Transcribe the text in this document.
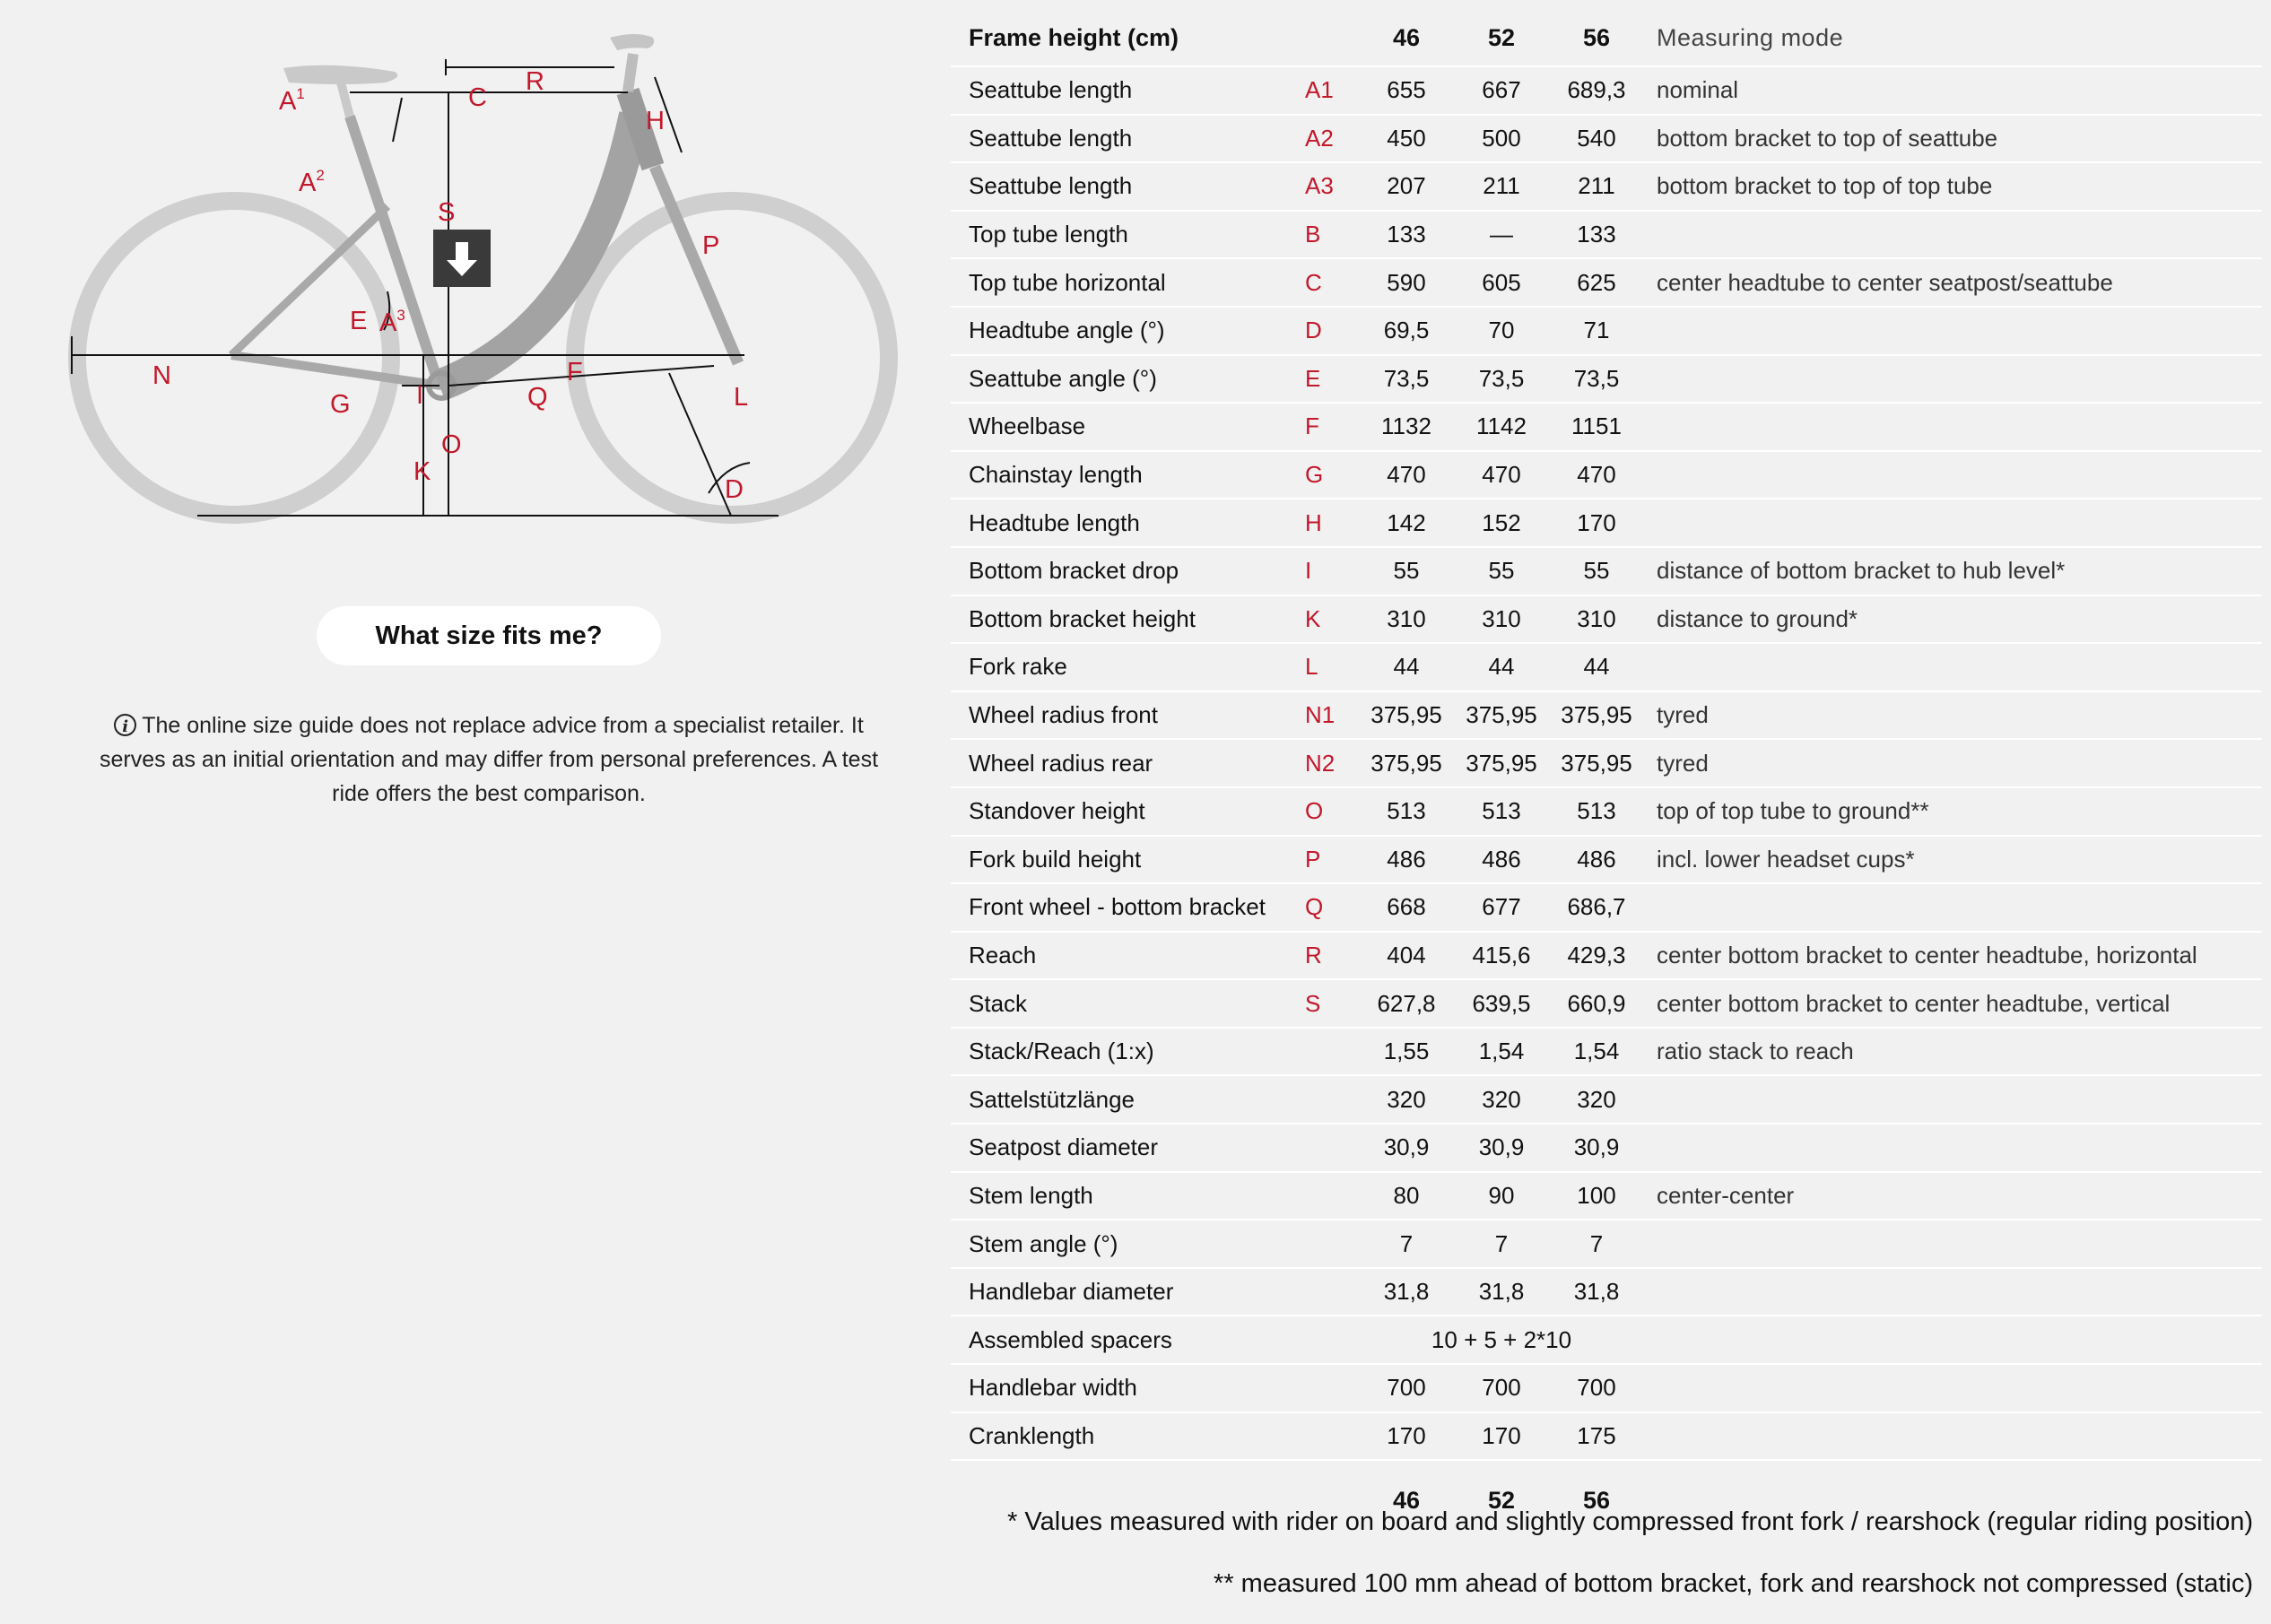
$A^1$
$A^2$
$A^3$
C
R
H
S
P
E
N	F
G	I	Q	L
O
K
D
What size fits me?
i The online size guide does not replace advice from a specialist retailer. It serves as an initial orientation and may differ from personal preferences. A test ride offers the best comparison.
Frame height (cm)		46	52	56	Measuring mode
Seattube length	A1	655	667	689,3	nominal
Seattube length	A2	450	500	540	bottom bracket to top of seattube
Seattube length	A3	207	211	211	bottom bracket to top of top tube
Top tube length	B	133	—	133	
Top tube horizontal	C	590	605	625	center headtube to center seatpost/seattube
Headtube angle (°)	D	69,5	70	71	
Seattube angle (°)	E	73,5	73,5	73,5	
Wheelbase	F	1132	1142	1151	
Chainstay length	G	470	470	470	
Headtube length	H	142	152	170	
Bottom bracket drop	I	55	55	55	distance of bottom bracket to hub level*
Bottom bracket height	K	310	310	310	distance to ground*
Fork rake	L	44	44	44	
Wheel radius front	N1	375,95	375,95	375,95	tyred
Wheel radius rear	N2	375,95	375,95	375,95	tyred
Standover height	O	513	513	513	top of top tube to ground**
Fork build height	P	486	486	486	incl. lower headset cups*
Front wheel - bottom bracket	Q	668	677	686,7	
Reach	R	404	415,6	429,3	center bottom bracket to center headtube, horizontal
Stack	S	627,8	639,5	660,9	center bottom bracket to center headtube, vertical
Stack/Reach (1:x)		1,55	1,54	1,54	ratio stack to reach
Sattelstützlänge		320	320	320	
Seatpost diameter		30,9	30,9	30,9	
Stem length		80	90	100	center-center
Stem angle (°)		7	7	7	
Handlebar diameter		31,8	31,8	31,8	
Assembled spacers		10 + 5 + 2*10			
Handlebar width		700	700	700	
Cranklength		170	170	175	
		46	52	56	
* Values measured with rider on board and slightly compressed front fork / rearshock (regular riding position)
** measured 100 mm ahead of bottom bracket, fork and rearshock not compressed (static)
